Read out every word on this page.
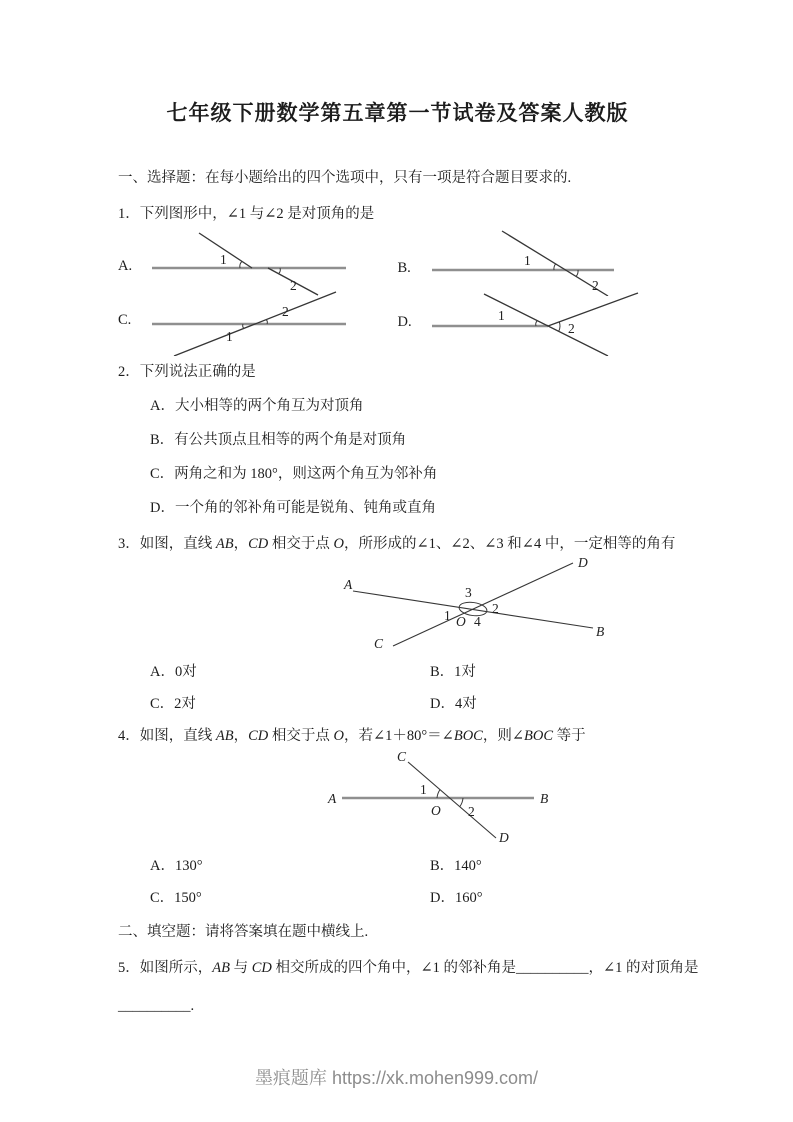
七年级下册数学第五章第一节试卷及答案人教版

一、选择题：在每小题给出的四个选项中，只有一项是符合题目要求的.

1．下列图形中，∠1 与∠2 是对顶角的是

A.	1
2
B.	1
2
C.
1
2
D.	1
2

2．下列说法正确的是

A．大小相等的两个角互为对顶角

B．有公共顶点且相等的两个角是对顶角

C．两角之和为 180°，则这两个角互为邻补角

D．一个角的邻补角可能是锐角、钝角或直角

3．如图，直线 AB，CD 相交于点 O，所形成的∠1、∠2、∠3 和∠4 中，一定相等的角有

A
B
C
D
O
1	2
3
4
A．0对	B．1对
C．2对	D．4对

4．如图，直线 AB，CD 相交于点 O，若∠1＋80°＝∠BOC，则∠BOC 等于

A	B
C
D
O
1
2
A．130°	B．140°
C．150°	D．160°

二、填空题：请将答案填在题中横线上.

5．如图所示，AB 与 CD 相交所成的四个角中，∠1 的邻补角是__________，∠1 的对顶角是

__________.

墨痕题库 https://xk.mohen999.com/
